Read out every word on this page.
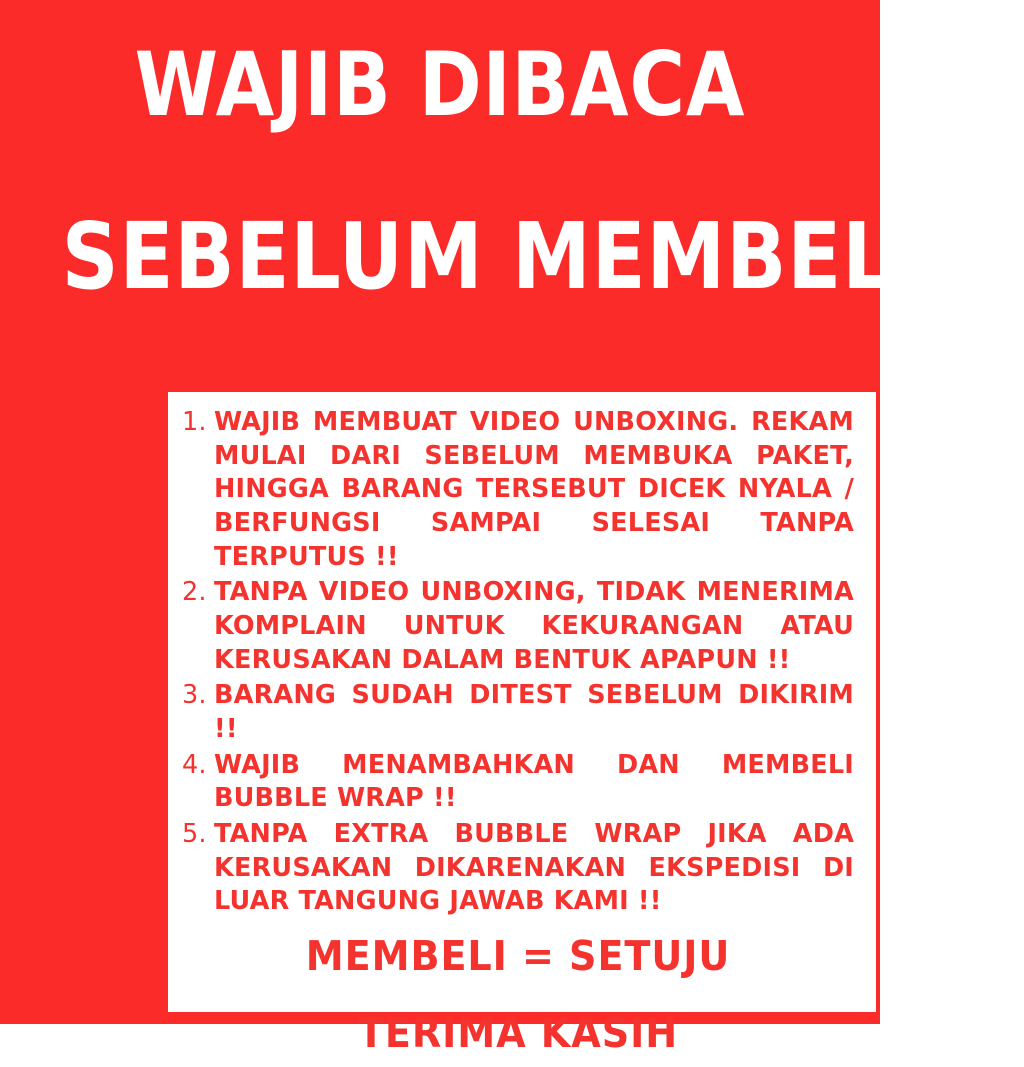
WAJIB DIBACA
SEBELUM MEMBELI
1. WAJIB MEMBUAT VIDEO UNBOXING. REKAM MULAI DARI SEBELUM MEMBUKA PAKET, HINGGA BARANG TERSEBUT DICEK NYALA / BERFUNGSI SAMPAI SELESAI TANPA TERPUTUS !!
2. TANPA VIDEO UNBOXING, TIDAK MENERIMA KOMPLAIN UNTUK KEKURANGAN ATAU KERUSAKAN DALAM BENTUK APAPUN !!
3. BARANG SUDAH DITEST SEBELUM DIKIRIM !!
4. WAJIB MENAMBAHKAN DAN MEMBELI BUBBLE WRAP !!
5. TANPA EXTRA BUBBLE WRAP JIKA ADA KERUSAKAN DIKARENAKAN EKSPEDISI DI LUAR TANGUNG JAWAB KAMI !!
MEMBELI = SETUJU
TERIMA KASIH
